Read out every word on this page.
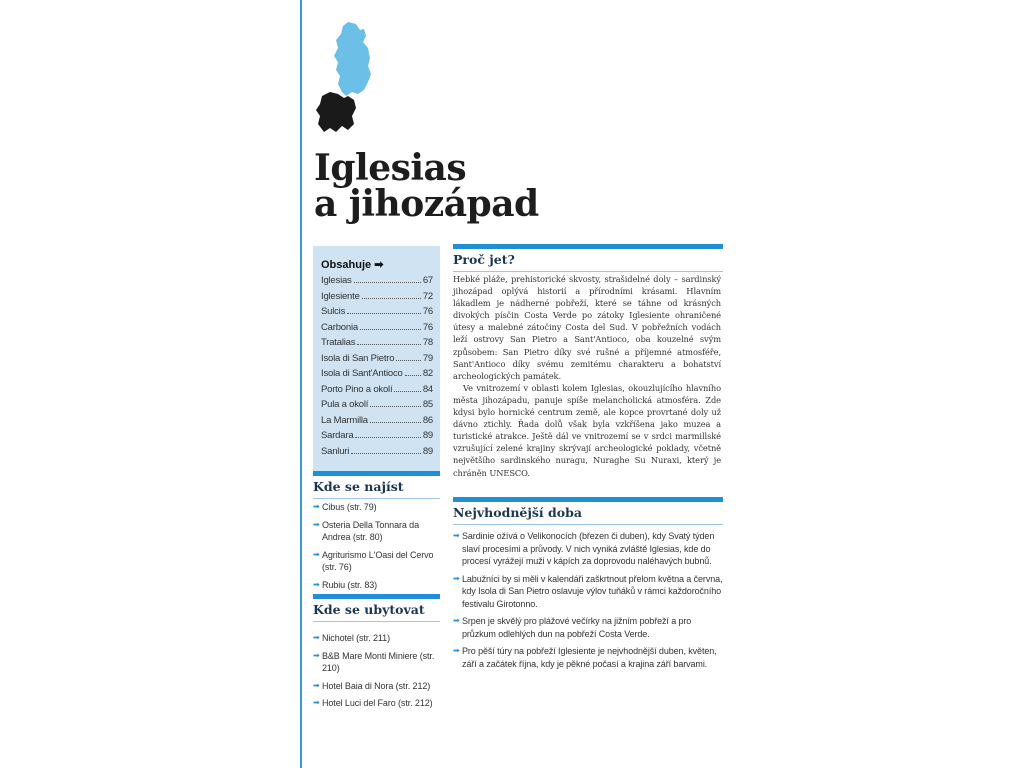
Iglesias
a jihozápad
Obsahuje ➡
Iglesias	67
Iglesiente	72
Sulcis	76
Carbonia	76
Tratalias	78
Isola di San Pietro	79
Isola di Sant'Antioco 82
Porto Pino a okolí	84
Pula a okolí	85
La Marmilla	86
Sardara	89
Sanluri	89
Kde se najíst
➡ Cibus (str. 79)
➡ Osteria Della Tonnara da Andrea (str. 80)
➡ Agriturismo L'Oasi del Cervo (str. 76)
➡ Rubiu (str. 83)
Kde se ubytovat
➡ Nichotel (str. 211)
➡ B&B Mare Monti Miniere (str. 210)
➡ Hotel Baia di Nora (str. 212)
➡ Hotel Luci del Faro (str. 212)
Proč jet?

Hebké pláže, prehistorické skvosty, strašidelné doly – sardinský jihozápad oplývá historií a přírodními krásami. Hlavním lákadlem je nádherné pobřeží, které se táhne od krásných divokých písčin Costa Verde po zátoky Iglesiente ohraničené útesy a malebné zátočiny Costa del Sud. V pobřežních vodách leží ostrovy San Pietro a Sant'Antioco, oba kouzelné svým způsobem: San Pietro díky své rušné a příjemné atmosféře, Sant'Antioco díky svému zemitému charakteru a bohatství archeologických památek.

Ve vnitrozemí v oblasti kolem Iglesias, okouzlujícího hlavního města jihozápadu, panuje spíše melancholická atmosféra. Zde kdysi bylo hornické centrum země, ale kopce provrtané doly už dávno ztichly. Řada dolů však byla vzkříšena jako muzea a turistické atrakce. Ještě dál ve vnitrozemí se v srdci marmillské vzrušující zelené krajiny skrývají archeologické poklady, včetně největšího sardinského nuragu, Nuraghe Su Nuraxi, který je chráněn UNESCO.

Nejvhodnější doba
➡ Sardinie ožívá o Velikonocích (březen či duben), kdy Svatý týden slaví procesími a průvody. V nich vyniká zvláště Iglesias, kde do procesí vyrážejí muži v kápích za doprovodu naléhavých bubnů.
➡ Labužníci by si měli v kalendáři zaškrtnout přelom května a června, kdy Isola di San Pietro oslavuje výlov tuňáků v rámci každoročního festivalu Girotonno.
➡ Srpen je skvělý pro plážové večírky na jižním pobřeží a pro průzkum odlehlých dun na pobřeží Costa Verde.
➡ Pro pěší túry na pobřeží Iglesiente je nejvhodnější duben, květen, září a začátek října, kdy je pěkné počasí a krajina září barvami.
